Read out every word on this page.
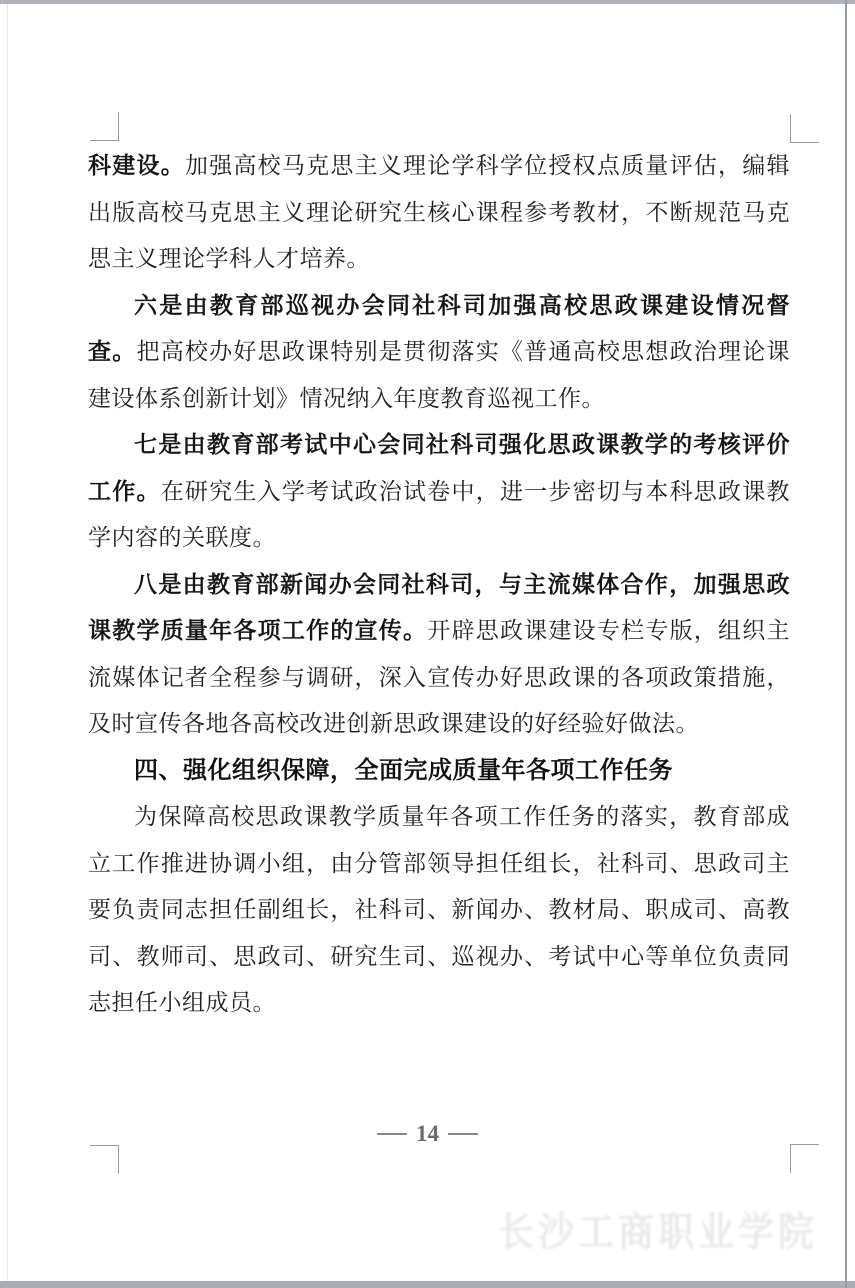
科建设。加强高校马克思主义理论学科学位授权点质量评估，编辑出版高校马克思主义理论研究生核心课程参考教材，不断规范马克思主义理论学科人才培养。

六是由教育部巡视办会同社科司加强高校思政课建设情况督查。把高校办好思政课特别是贯彻落实《普通高校思想政治理论课建设体系创新计划》情况纳入年度教育巡视工作。

七是由教育部考试中心会同社科司强化思政课教学的考核评价工作。在研究生入学考试政治试卷中，进一步密切与本科思政课教学内容的关联度。

八是由教育部新闻办会同社科司，与主流媒体合作，加强思政课教学质量年各项工作的宣传。开辟思政课建设专栏专版，组织主流媒体记者全程参与调研，深入宣传办好思政课的各项政策措施，及时宣传各地各高校改进创新思政课建设的好经验好做法。

四、强化组织保障，全面完成质量年各项工作任务

为保障高校思政课教学质量年各项工作任务的落实，教育部成立工作推进协调小组，由分管部领导担任组长，社科司、思政司主要负责同志担任副组长，社科司、新闻办、教材局、职成司、高教司、教师司、思政司、研究生司、巡视办、考试中心等单位负责同志担任小组成员。

14
长沙工商职业学院
